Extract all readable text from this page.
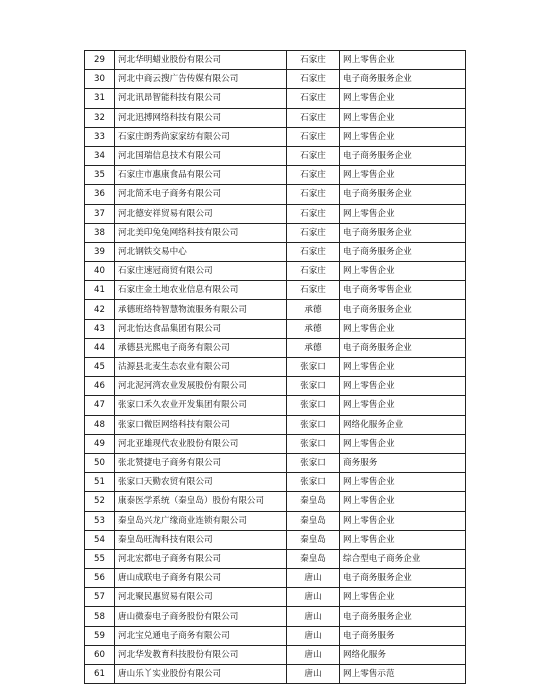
29	河北华明蜡业股份有限公司	石家庄	网上零售企业
30	河北中商云搜广告传媒有限公司	石家庄	电子商务服务企业
31	河北讯昂智能科技有限公司	石家庄	网上零售企业
32	河北迅搏网络科技有限公司	石家庄	网上零售企业
33	石家庄朗秀尚家家纺有限公司	石家庄	网上零售企业
34	河北国瑞信息技术有限公司	石家庄	电子商务服务企业
35	石家庄市惠康食品有限公司	石家庄	网上零售企业
36	河北简禾电子商务有限公司	石家庄	电子商务服务企业
37	河北德安祥贸易有限公司	石家庄	网上零售企业
38	河北美印兔兔网络科技有限公司	石家庄	电子商务服务企业
39	河北钢铁交易中心	石家庄	电子商务服务企业
40	石家庄速冠商贸有限公司	石家庄	网上零售企业
41	石家庄金土地农业信息有限公司	石家庄	电子商务零售企业
42	承德班络特智慧物流服务有限公司	承德	电子商务服务企业
43	河北怡达食品集团有限公司	承德	网上零售企业
44	承德县光熙电子商务有限公司	承德	电子商务服务企业
45	沽源县北麦生态农业有限公司	张家口	网上零售企业
46	河北泥河湾农业发展股份有限公司	张家口	网上零售企业
47	张家口禾久农业开发集团有限公司	张家口	网上零售企业
48	张家口微臣网络科技有限公司	张家口	网络化服务企业
49	河北亚雄现代农业股份有限公司	张家口	网上零售企业
50	张北赞捷电子商务有限公司	张家口	商务服务
51	张家口天勤农贸有限公司	张家口	网上零售企业
52	康泰医学系统（秦皇岛）股份有限公司	秦皇岛	网上零售企业
53	秦皇岛兴龙广缘商业连锁有限公司	秦皇岛	网上零售企业
54	秦皇岛旺淘科技有限公司	秦皇岛	网上零售企业
55	河北宏都电子商务有限公司	秦皇岛	综合型电子商务企业
56	唐山成联电子商务有限公司	唐山	电子商务服务企业
57	河北聚民惠贸易有限公司	唐山	网上零售企业
58	唐山微泰电子商务股份有限公司	唐山	电子商务服务企业
59	河北宝兑通电子商务有限公司	唐山	电子商务服务
60	河北华发教育科技股份有限公司	唐山	网络化服务
61	唐山乐丫实业股份有限公司	唐山	网上零售示范
